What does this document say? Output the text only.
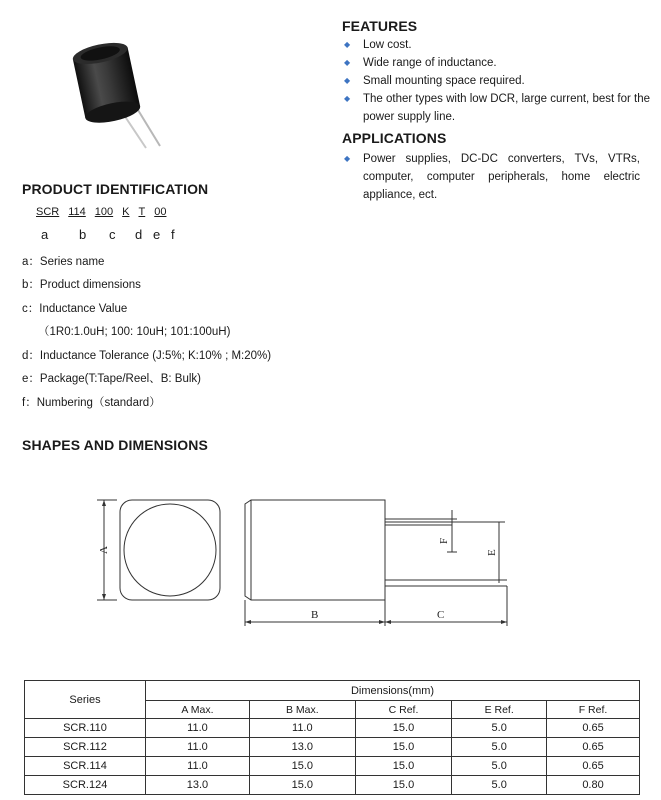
FEATURES
◆ Low cost.
◆ Wide range of inductance.
◆ Small mounting space required.
◆ The other types with low DCR, large current, best for the power supply line.
APPLICATIONS
◆ Power supplies, DC-DC converters, TVs, VTRs, computer, computer peripherals, home electric appliance, ect.
PRODUCT IDENTIFICATION
SCR 114 100 K T 00
a b c d e f
a：Series name
b：Product dimensions
c：Inductance Value
（1R0:1.0uH; 100: 10uH; 101:100uH)
d：Inductance Tolerance (J:5%; K:10% ; M:20%)
e：Package(T:Tape/Reel、B: Bulk)
f：Numbering（standard）
SHAPES AND DIMENSIONS
A
B	C
F
E
Series	Dimensions(mm)				
	A Max.	B Max.	C Ref.	E Ref.	F Ref.
SCR.110	11.0	11.0	15.0	5.0	0.65
SCR.112	11.0	13.0	15.0	5.0	0.65
SCR.114	11.0	15.0	15.0	5.0	0.65
SCR.124	13.0	15.0	15.0	5.0	0.80
